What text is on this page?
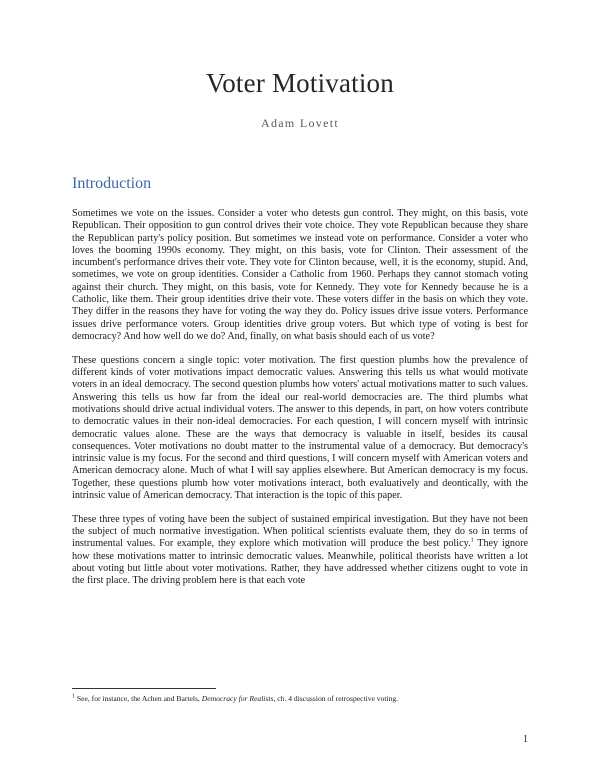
Voter Motivation
Adam Lovett
Introduction

Sometimes we vote on the issues. Consider a voter who detests gun control. They might, on this basis, vote Republican. Their opposition to gun control drives their vote choice. They vote Republican because they share the Republican party's policy position. But sometimes we instead vote on performance. Consider a voter who loves the booming 1990s economy. They might, on this basis, vote for Clinton. Their assessment of the incumbent's performance drives their vote. They vote for Clinton because, well, it is the economy, stupid. And, sometimes, we vote on group identities. Consider a Catholic from 1960. Perhaps they cannot stomach voting against their church. They might, on this basis, vote for Kennedy. They vote for Kennedy because he is a Catholic, like them. Their group identities drive their vote. These voters differ in the basis on which they vote. They differ in the reasons they have for voting the way they do. Policy issues drive issue voters. Performance issues drive performance voters. Group identities drive group voters. But which type of voting is best for democracy? And how well do we do? And, finally, on what basis should each of us vote?

These questions concern a single topic: voter motivation. The first question plumbs how the prevalence of different kinds of voter motivations impact democratic values. Answering this tells us what would motivate voters in an ideal democracy. The second question plumbs how voters' actual motivations matter to such values. Answering this tells us how far from the ideal our real-world democracies are. The third plumbs what motivations should drive actual individual voters. The answer to this depends, in part, on how voters contribute to democratic values in their non-ideal democracies. For each question, I will concern myself with intrinsic democratic values alone. These are the ways that democracy is valuable in itself, besides its causal consequences. Voter motivations no doubt matter to the instrumental value of a democracy. But democracy's intrinsic value is my focus. For the second and third questions, I will concern myself with American voters and American democracy alone. Much of what I will say applies elsewhere. But American democracy is my focus. Together, these questions plumb how voter motivations interact, both evaluatively and deontically, with the intrinsic value of American democracy. That interaction is the topic of this paper.

These three types of voting have been the subject of sustained empirical investigation. But they have not been the subject of much normative investigation. When political scientists evaluate them, they do so in terms of instrumental values. For example, they explore which motivation will produce the best policy.$^1$ They ignore how these motivations matter to intrinsic democratic values. Meanwhile, political theorists have written a lot about voting but little about voter motivations. Rather, they have addressed whether citizens ought to vote in the first place. The driving problem here is that each vote

$^1$ See, for instance, the Achen and Bartels, Democracy for Realists, ch. 4 discussion of retrospective voting.
1
